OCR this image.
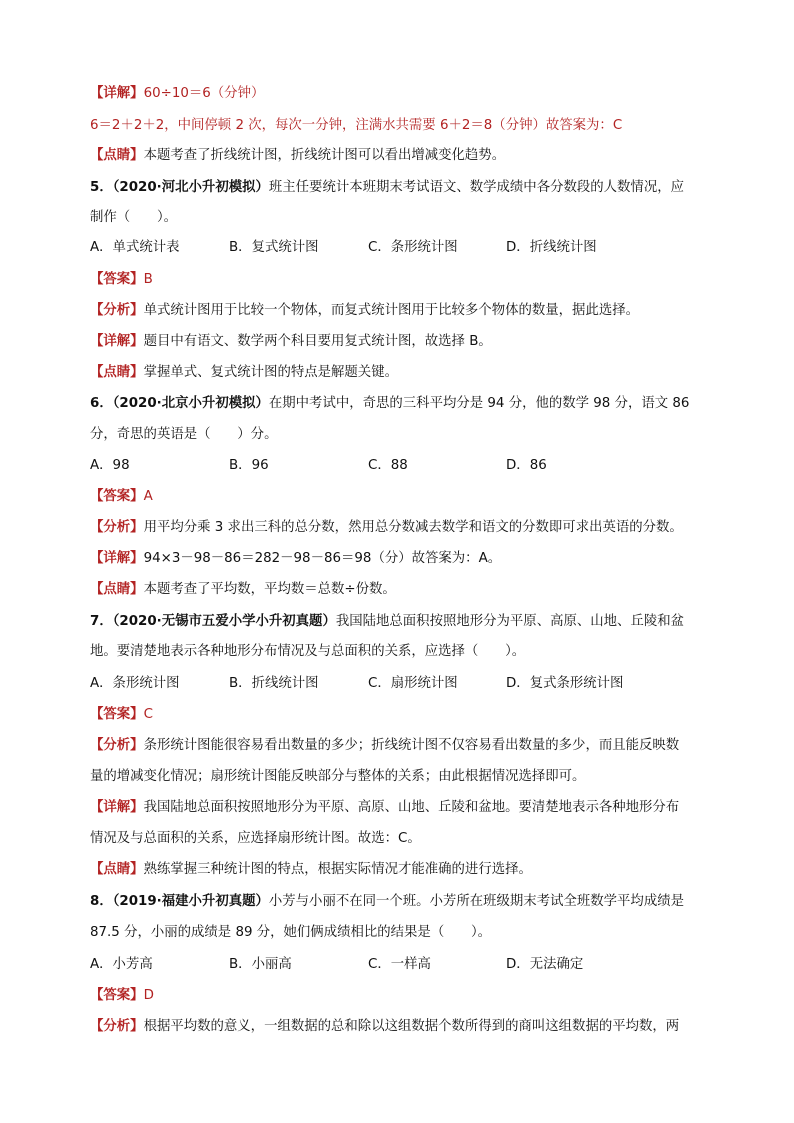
【详解】60÷10＝6（分钟）
6＝2＋2＋2，中间停顿 2 次，每次一分钟，注满水共需要 6＋2＝8（分钟）故答案为：C
【点睛】本题考查了折线统计图，折线统计图可以看出增减变化趋势。
5．（2020·河北小升初模拟）班主任要统计本班期末考试语文、数学成绩中各分数段的人数情况，应
制作（　　）。
A．单式统计表	B．复式统计图	C．条形统计图	D．折线统计图
【答案】B
【分析】单式统计图用于比较一个物体，而复式统计图用于比较多个物体的数量，据此选择。
【详解】题目中有语文、数学两个科目要用复式统计图，故选择 B。
【点睛】掌握单式、复式统计图的特点是解题关键。
6．（2020·北京小升初模拟）在期中考试中，奇思的三科平均分是 94 分，他的数学 98 分，语文 86
分，奇思的英语是（　　）分。
A．98	B．96	C．88	D．86
【答案】A
【分析】用平均分乘 3 求出三科的总分数，然用总分数减去数学和语文的分数即可求出英语的分数。
【详解】94×3－98－86＝282－98－86＝98（分）故答案为：A。
【点睛】本题考查了平均数，平均数＝总数÷份数。
7．（2020·无锡市五爱小学小升初真题）我国陆地总面积按照地形分为平原、高原、山地、丘陵和盆
地。要清楚地表示各种地形分布情况及与总面积的关系，应选择（　　）。
A．条形统计图	B．折线统计图	C．扇形统计图	D．复式条形统计图
【答案】C
【分析】条形统计图能很容易看出数量的多少；折线统计图不仅容易看出数量的多少，而且能反映数
量的增减变化情况；扇形统计图能反映部分与整体的关系；由此根据情况选择即可。
【详解】我国陆地总面积按照地形分为平原、高原、山地、丘陵和盆地。要清楚地表示各种地形分布
情况及与总面积的关系，应选择扇形统计图。故选：C。
【点睛】熟练掌握三种统计图的特点，根据实际情况才能准确的进行选择。
8．（2019·福建小升初真题）小芳与小丽不在同一个班。小芳所在班级期末考试全班数学平均成绩是
87.5 分，小丽的成绩是 89 分，她们俩成绩相比的结果是（　　）。
A．小芳高	B．小丽高	C．一样高	D．无法确定
【答案】D
【分析】根据平均数的意义，一组数据的总和除以这组数据个数所得到的商叫这组数据的平均数，两
